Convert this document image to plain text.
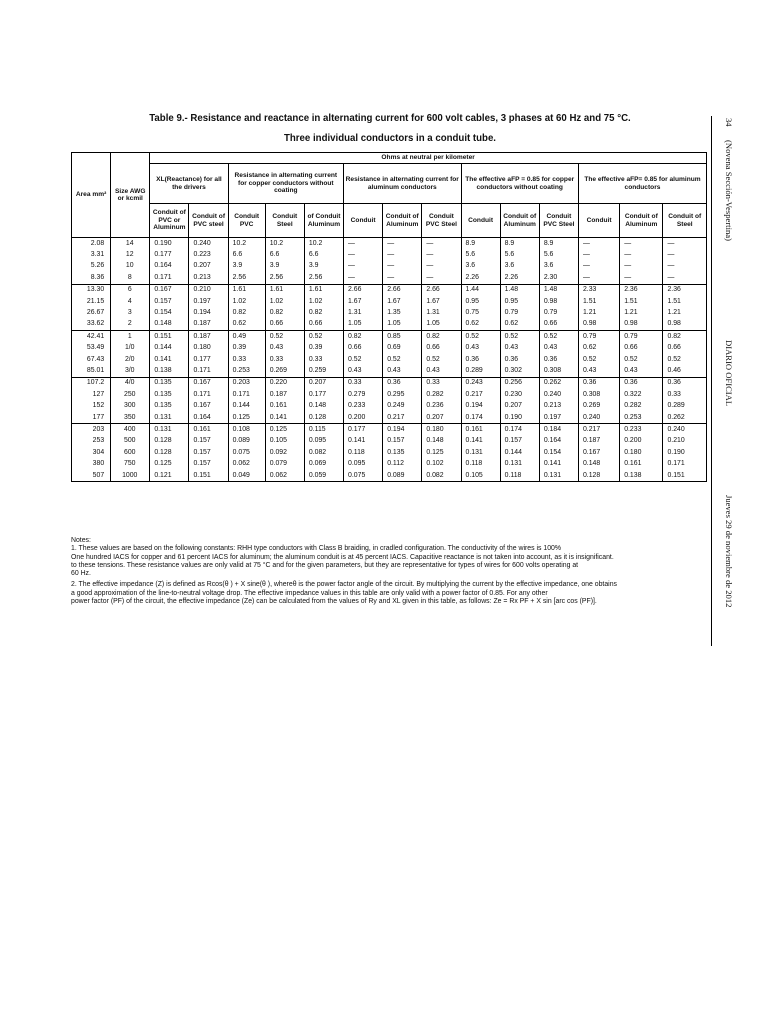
Table 9.- Resistance and reactance in alternating current for 600 volt cables, 3 phases at 60 Hz and 75 °C.
Three individual conductors in a conduit tube.
Area mm²	Size AWG or kcmil	Ohms at neutral per kilometer													
		XL(Reactance) for all the drivers		Resistance in alternating current for copper conductors without coating			Resistance in alternating current for aluminum conductors			The effective aFP = 0.85 for copper conductors without coating			The effective aFP= 0.85 for aluminum conductors		
		Conduit of PVC or Aluminum	Conduit of PVC steel	Conduit PVC	Conduit Steel	of Conduit Aluminum	Conduit	Conduit of Aluminum	Conduit PVC Steel	Conduit	Conduit of Aluminum	Conduit PVC Steel	Conduit	Conduit of Aluminum	Conduit of Steel
2.08	14	0.190	0.240	10.2	10.2	10.2	—	—	—	8.9	8.9	8.9	—	—	—
3.31	12	0.177	0.223	6.6	6.6	6.6	—	—	—	5.6	5.6	5.6	—	—	—
5.26	10	0.164	0.207	3.9	3.9	3.9	—	—	—	3.6	3.6	3.6	—	—	—
8.36	8	0.171	0.213	2.56	2.56	2.56	—	—	—	2.26	2.26	2.30	—	—	—
13.30	6	0.167	0.210	1.61	1.61	1.61	2.66	2.66	2.66	1.44	1.48	1.48	2.33	2.36	2.36
21.15	4	0.157	0.197	1.02	1.02	1.02	1.67	1.67	1.67	0.95	0.95	0.98	1.51	1.51	1.51
26.67	3	0.154	0.194	0.82	0.82	0.82	1.31	1.35	1.31	0.75	0.79	0.79	1.21	1.21	1.21
33.62	2	0.148	0.187	0.62	0.66	0.66	1.05	1.05	1.05	0.62	0.62	0.66	0.98	0.98	0.98
42.41	1	0.151	0.187	0.49	0.52	0.52	0.82	0.85	0.82	0.52	0.52	0.52	0.79	0.79	0.82
53.49	1/0	0.144	0.180	0.39	0.43	0.39	0.66	0.69	0.66	0.43	0.43	0.43	0.62	0.66	0.66
67.43	2/0	0.141	0.177	0.33	0.33	0.33	0.52	0.52	0.52	0.36	0.36	0.36	0.52	0.52	0.52
85.01	3/0	0.138	0.171	0.253	0.269	0.259	0.43	0.43	0.43	0.289	0.302	0.308	0.43	0.43	0.46
107.2	4/0	0.135	0.167	0.203	0.220	0.207	0.33	0.36	0.33	0.243	0.256	0.262	0.36	0.36	0.36
127	250	0.135	0.171	0.171	0.187	0.177	0.279	0.295	0.282	0.217	0.230	0.240	0.308	0.322	0.33
152	300	0.135	0.167	0.144	0.161	0.148	0.233	0.249	0.236	0.194	0.207	0.213	0.269	0.282	0.289
177	350	0.131	0.164	0.125	0.141	0.128	0.200	0.217	0.207	0.174	0.190	0.197	0.240	0.253	0.262
203	400	0.131	0.161	0.108	0.125	0.115	0.177	0.194	0.180	0.161	0.174	0.184	0.217	0.233	0.240
253	500	0.128	0.157	0.089	0.105	0.095	0.141	0.157	0.148	0.141	0.157	0.164	0.187	0.200	0.210
304	600	0.128	0.157	0.075	0.092	0.082	0.118	0.135	0.125	0.131	0.144	0.154	0.167	0.180	0.190
380	750	0.125	0.157	0.062	0.079	0.069	0.095	0.112	0.102	0.118	0.131	0.141	0.148	0.161	0.171
507	1000	0.121	0.151	0.049	0.062	0.059	0.075	0.089	0.082	0.105	0.118	0.131	0.128	0.138	0.151

Notes:

1. These values are based on the following constants: RHH type conductors with Class B braiding, in cradled configuration. The conductivity of the wires is 100%

One hundred IACS for copper and 61 percent IACS for aluminum; the aluminum conduit is at 45 percent IACS. Capacitive reactance is not taken into account, as it is insignificant.

to these tensions. These resistance values are only valid at 75 °C and for the given parameters, but they are representative for types of wires for 600 volts operating at

60 Hz.

2. The effective impedance (Z) is defined as Rcos(θ ) + X sine(θ ), whereθ is the power factor angle of the circuit. By multiplying the current by the effective impedance, one obtains

a good approximation of the line-to-neutral voltage drop. The effective impedance values in this table are only valid with a power factor of 0.85. For any other

power factor (PF) of the circuit, the effective impedance (Ze) can be calculated from the values of Ry and XL given in this table, as follows: Ze = Rx PF + X sin [arc cos (PF)].

34
(Novena Sección-Vespertina)
DIARIO OFICIAL
Jueves 29 de noviembre de 2012
